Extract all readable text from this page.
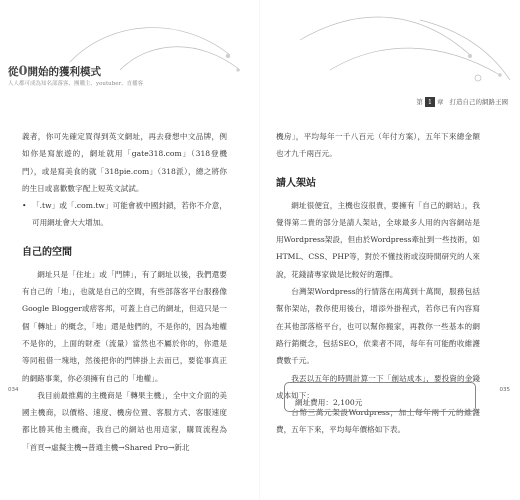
從0開始的獲利模式
人人都可成為知名部落客、團購主、youtuber、直播客
第 1 章 打造自己的網路王國

義者，你可先確定買得到英文網址，再去發想中文品牌，例如你是寫旅遊的，網址就用「gate318.com」（318登機門），或是寫美食的就「318pie.com」（318派），總之將你的生日或喜歡數字配上短英文試試。

• 「.tw」或「.com.tw」可能會被中國封鎖，若你不介意，可用網址會大大增加。

自己的空間

網址只是「住址」或「門牌」，有了網址以後，我們還要有自己的「地」，也就是自己的空間，有些部落客平台服務像Google Blogger或痞客邦，可蓋上自己的網址，但這只是一個「轉址」的概念，「地」還是他們的，不是你的，因為地權不是你的，上面的財產（流量）當然也不屬於你的，你還是等同租借一塊地，然後把你的門牌掛上去而已，要從事真正的網路事業，你必須擁有自己的「地權」。

我目前最推薦的主機商是「轉果主機」，全中文介面的美國主機商，以價格、速度、機房位置、客服方式、客服速度都比勝其他主機商，我自己的網站也用這家，購買流程為「首頁→虛擬主機→普通主機→Shared Pro→新北

機房」，平均每年一千八百元（年付方案），五年下來總金額也才九千兩百元。

請人架站

網址很便宜，主機也沒很貴，要擁有「自己的網站」，我覺得第二貴的部分是請人架站，全球最多人用的內容網站是用Wordpress架設，但由於Wordpress牽扯到一些技術，如HTML、CSS、PHP等，對於不懂技術或沒時間研究的人來說，花錢請專家做是比較好的選擇。

台灣架Wordpress的行情落在兩萬到十萬間，服務包括幫你架站，教你使用後台，增添外掛程式，若你已有內容寫在其他部落格平台，也可以幫你搬家，再教你一些基本的網路行銷概念，包括SEO，依業者不同，每年有可能酌收維護費數千元。

我丟以五年的時間計算一下「創站成本」，要投資的金錢成本如下：

台幣三萬元架設Wordpress，加上每年兩千元的維護費，五年下來，平均每年價格如下表。

網址費用：2,100元
034	035
